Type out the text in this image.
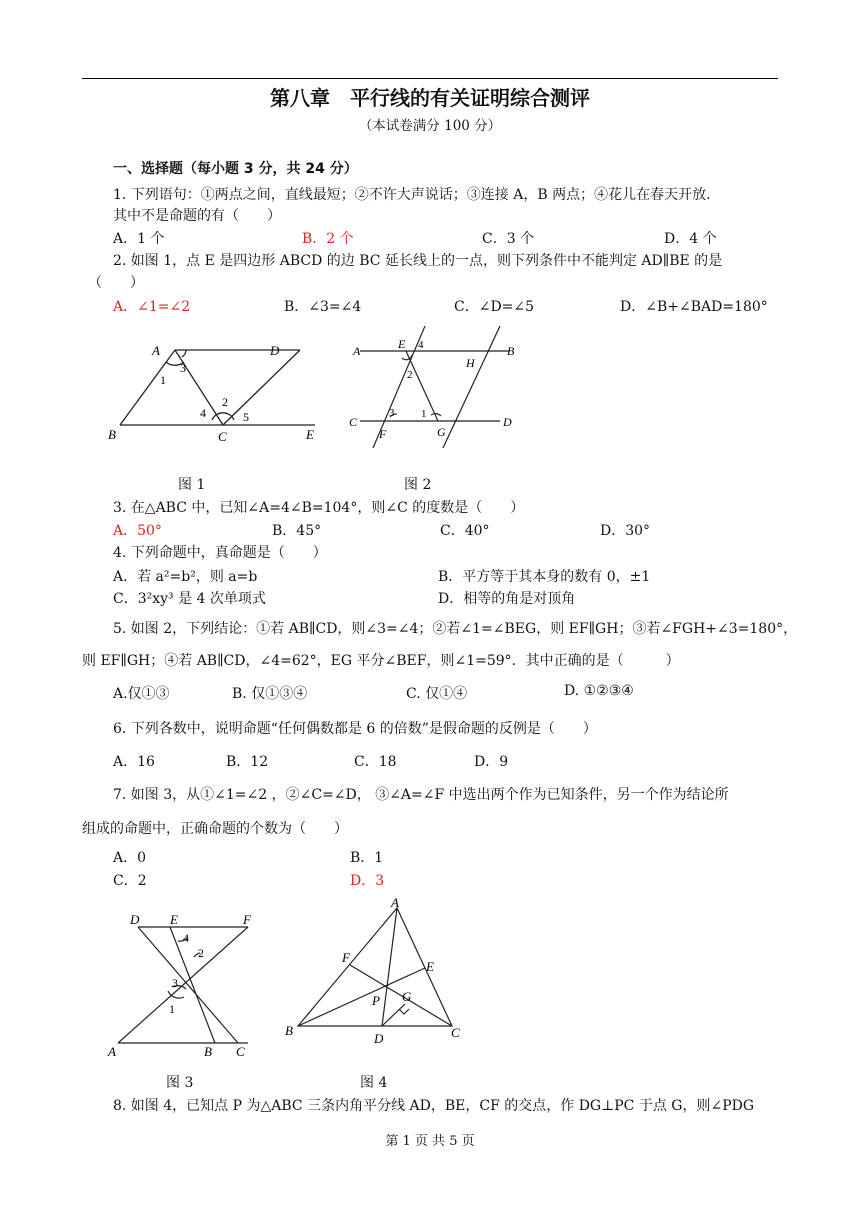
第八章　平行线的有关证明综合测评
（本试卷满分 100 分）
一、选择题（每小题 3 分，共 24 分）
1. 下列语句：①两点之间，直线最短；②不许大声说话；③连接 A，B 两点；④花儿在春天开放.
其中不是命题的有（　　）
A．1 个	B．2 个	C．3 个	D．4 个
2. 如图 1，点 E 是四边形 ABCD 的边 BC 延长线上的一点，则下列条件中不能判定 AD∥BE 的是
（　　）
A．∠1=∠2	B．∠3=∠4	C．∠D=∠5	D．∠B+∠BAD=180°
A	D
B	C	E
1
2
3
4	5
图 1
A	B
C	D
E
F	G
H
1
2
3
4
图 2
3. 在△ABC 中，已知∠A=4∠B=104°，则∠C 的度数是（　　）
A．50°	B．45°	C．40°	D．30°
4. 下列命题中，真命题是（　　）
A．若 a²=b²，则 a=b	B．平方等于其本身的数有 0，±1
C．3²xy³ 是 4 次单项式	D．相等的角是对顶角
5. 如图 2，下列结论：①若 AB∥CD，则∠3=∠4；②若∠1=∠BEG，则 EF∥GH；③若∠FGH+∠3=180°，
则 EF∥GH；④若 AB∥CD，∠4=62°，EG 平分∠BEF，则∠1=59°．其中正确的是（　　　）
A.仅①③	B. 仅①③④	C. 仅①④	D. ①②③④
6. 下列各数中，说明命题“任何偶数都是 6 的倍数”是假命题的反例是（　　）
A．16	B．12	C．18	D．9
7. 如图 3，从①∠1=∠2 ，②∠C=∠D， ③∠A=∠F 中选出两个作为已知条件，另一个作为结论所
组成的命题中，正确命题的个数为（　　）
A．0	B．1
C．2	D．3
D E	F
A	B C
1
2
3
4
图 3
A
B	C
D
E
F
G
P
图 4
8. 如图 4，已知点 P 为△ABC 三条内角平分线 AD，BE，CF 的交点，作 DG⊥PC 于点 G，则∠PDG
第 1 页 共 5 页
